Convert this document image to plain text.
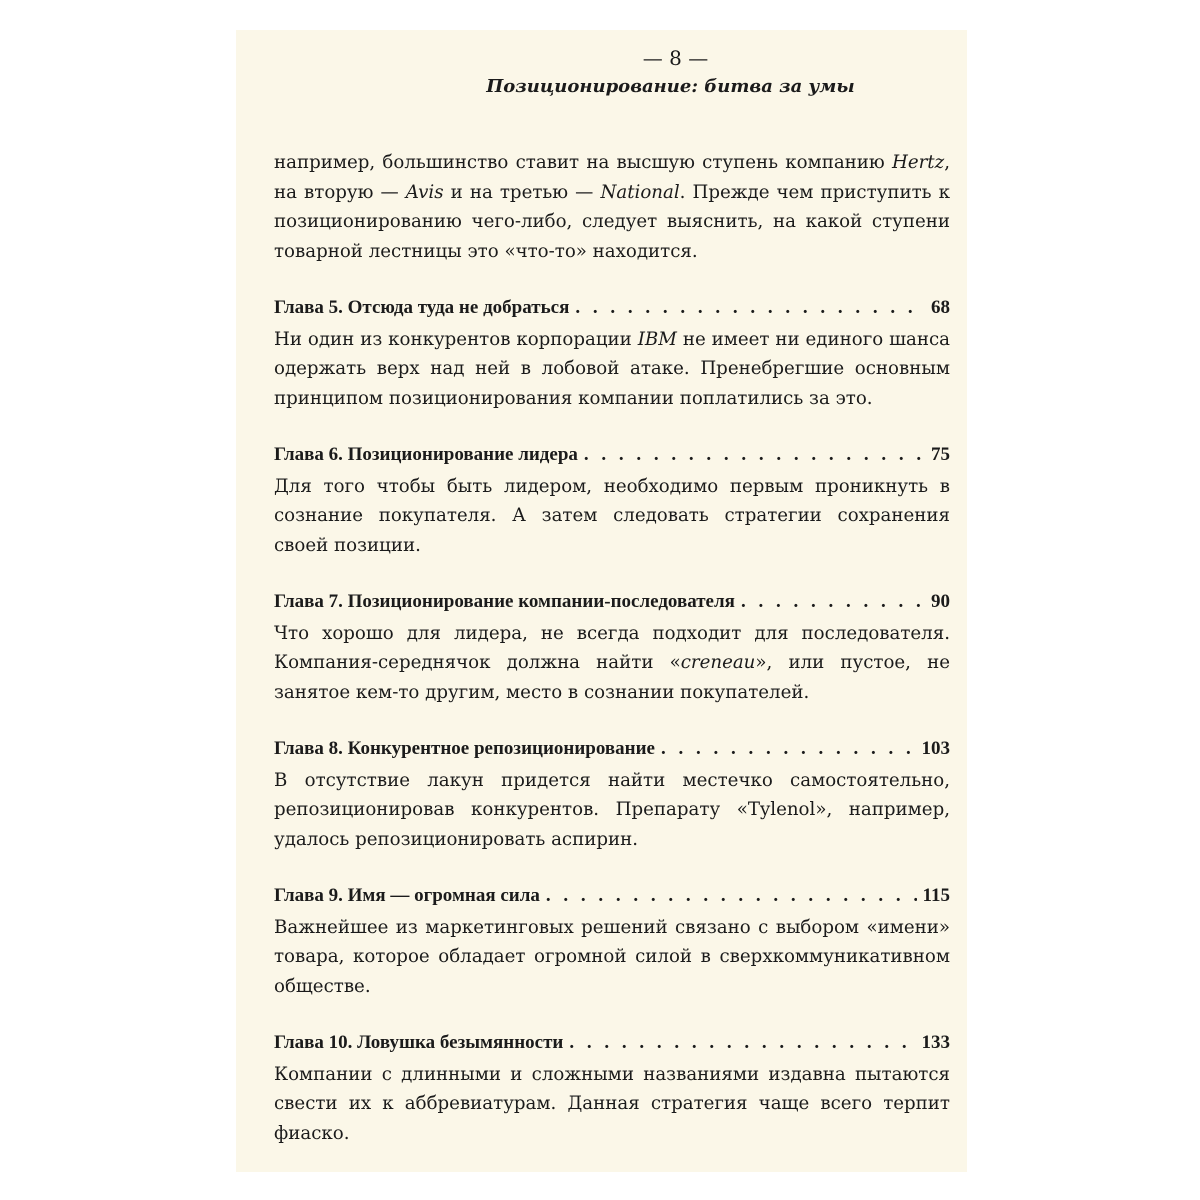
— 8 —
Позиционирование: битва за умы

например, большинство ставит на высшую ступень компанию Hertz, на вторую — Avis и на третью — National. Прежде чем приступить к позиционированию чего-либо, следует выяснить, на какой ступени товарной лестницы это «что-то» находится.

Глава 5. Отсюда туда не добраться . . .	68

Ни один из конкурентов корпорации IBM не имеет ни единого шанса одержать верх над ней в лобовой атаке. Пренебрегшие основным принципом позиционирования компании поплатились за это.

Глава 6. Позиционирование лидера . . .	75

Для того чтобы быть лидером, необходимо первым проникнуть в сознание покупателя. А затем следовать стратегии сохранения своей позиции.

Глава 7. Позиционирование компании-последователя . . .	90

Что хорошо для лидера, не всегда подходит для последователя. Компания-середнячок должна найти «creneau», или пустое, не занятое кем-то другим, место в сознании покупателей.

Глава 8. Конкурентное репозиционирование . . .	103

В отсутствие лакун придется найти местечко самостоятельно, репозиционировав конкурентов. Препарату «Tylenol», например, удалось репозиционировать аспирин.

Глава 9. Имя — огромная сила . . .	115

Важнейшее из маркетинговых решений связано с выбором «имени» товара, которое обладает огромной силой в сверхкоммуникативном обществе.

Глава 10. Ловушка безымянности . . .	133

Компании с длинными и сложными названиями издавна пытаются свести их к аббревиатурам. Данная стратегия чаще всего терпит фиаско.
